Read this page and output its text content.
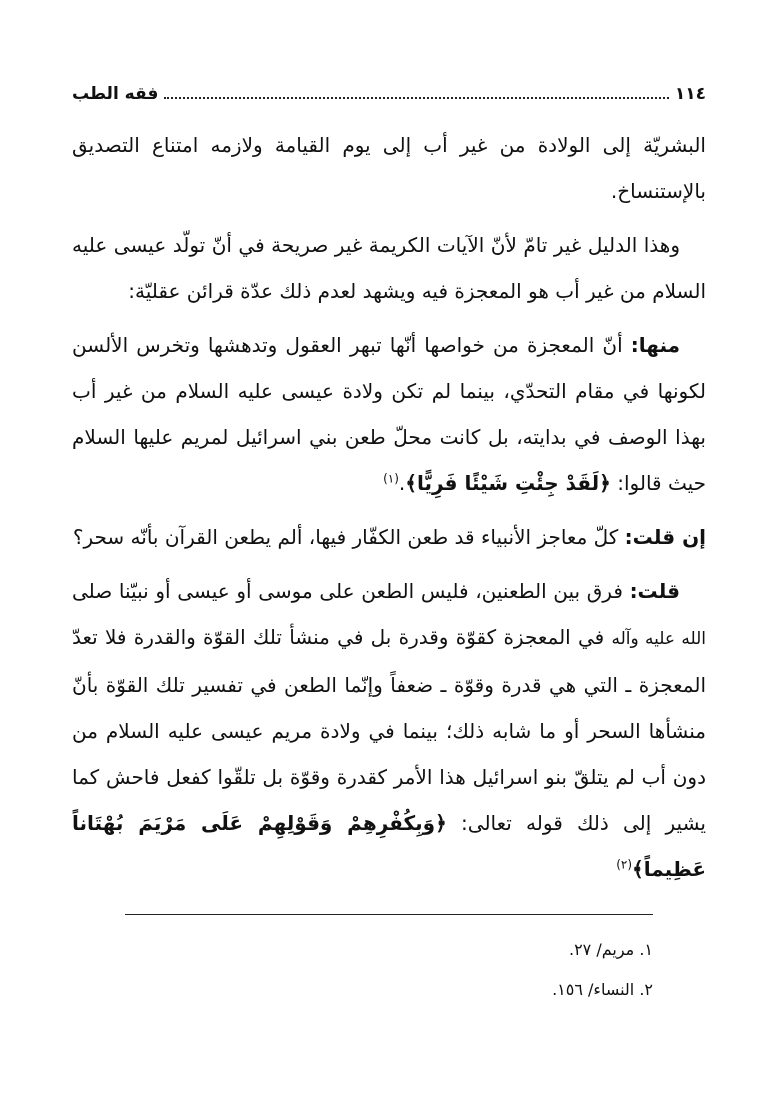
١١٤
فقه الطب

البشريّة إلى الولادة من غير أب إلى يوم القيامة ولازمه امتناع التصديق بالإستنساخ.

وهذا الدليل غير تامّ لأنّ الآيات الكريمة غير صريحة في أنّ تولّد عيسى عليه السلام من غير أب هو المعجزة فيه ويشهد لعدم ذلك عدّة قرائن عقليّة:

منها: أنّ المعجزة من خواصها أنّها تبهر العقول وتدهشها وتخرس الألسن لكونها في مقام التحدّي، بينما لم تكن ولادة عيسى عليه السلام من غير أب بهذا الوصف في بدايته، بل كانت محلّ طعن بني اسرائيل لمريم عليها السلام حيث قالوا: ﴿لَقَدْ جِئْتِ شَيْئًا فَرِيًّا﴾.$^{(١)}$

إن قلت: كلّ معاجز الأنبياء قد طعن الكفّار فيها، ألم يطعن القرآن بأنّه سحر؟

قلت: فرق بين الطعنين، فليس الطعن على موسى أو عيسى أو نبيّنا صلى الله عليه وآله في المعجزة كقوّة وقدرة بل في منشأ تلك القوّة والقدرة فلا تعدّ المعجزة ـ التي هي قدرة وقوّة ـ ضعفاً وإنّما الطعن في تفسير تلك القوّة بأنّ منشأها السحر أو ما شابه ذلك؛ بينما في ولادة مريم عيسى عليه السلام من دون أب لم يتلقّ بنو اسرائيل هذا الأمر كقدرة وقوّة بل تلقّوا كفعل فاحش كما يشير إلى ذلك قوله تعالى: ﴿وَبِكُفْرِهِمْ وَقَوْلِهِمْ عَلَى مَرْيَمَ بُهْتَاناً عَظِيماً﴾$^{(٢)}$

١. مريم/ ٢٧.
٢. النساء/ ١٥٦.
